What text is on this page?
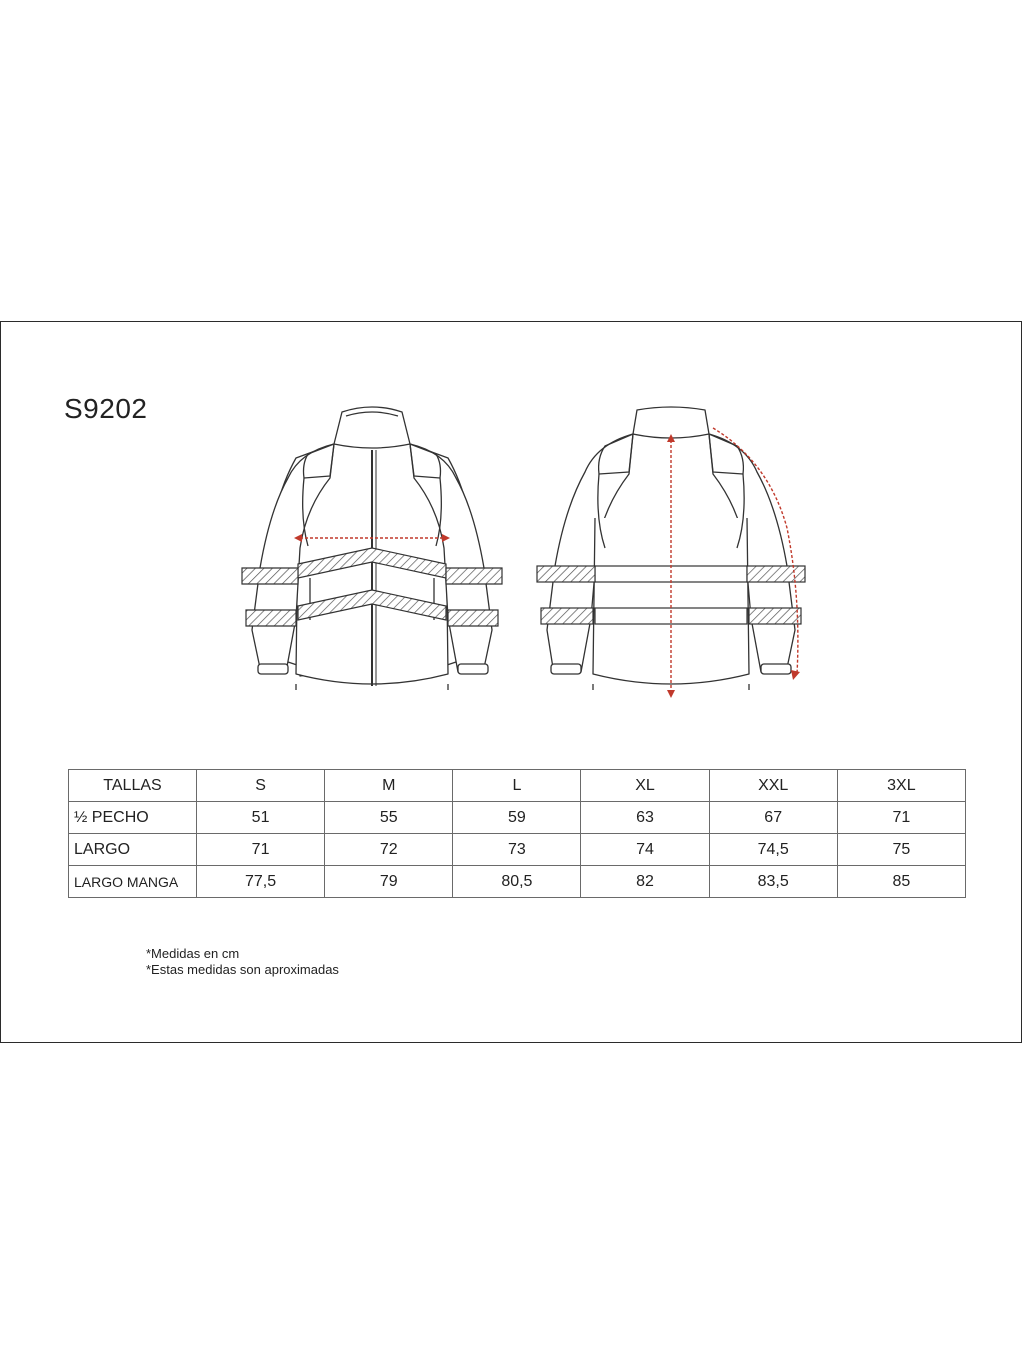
S9202
TALLAS	S	M	L	XL	XXL	3XL
½ PECHO	51	55	59	63	67	71
LARGO	71	72	73	74	74,5	75
LARGO MANGA	77,5	79	80,5	82	83,5	85
*Medidas en cm
*Estas medidas son aproximadas
